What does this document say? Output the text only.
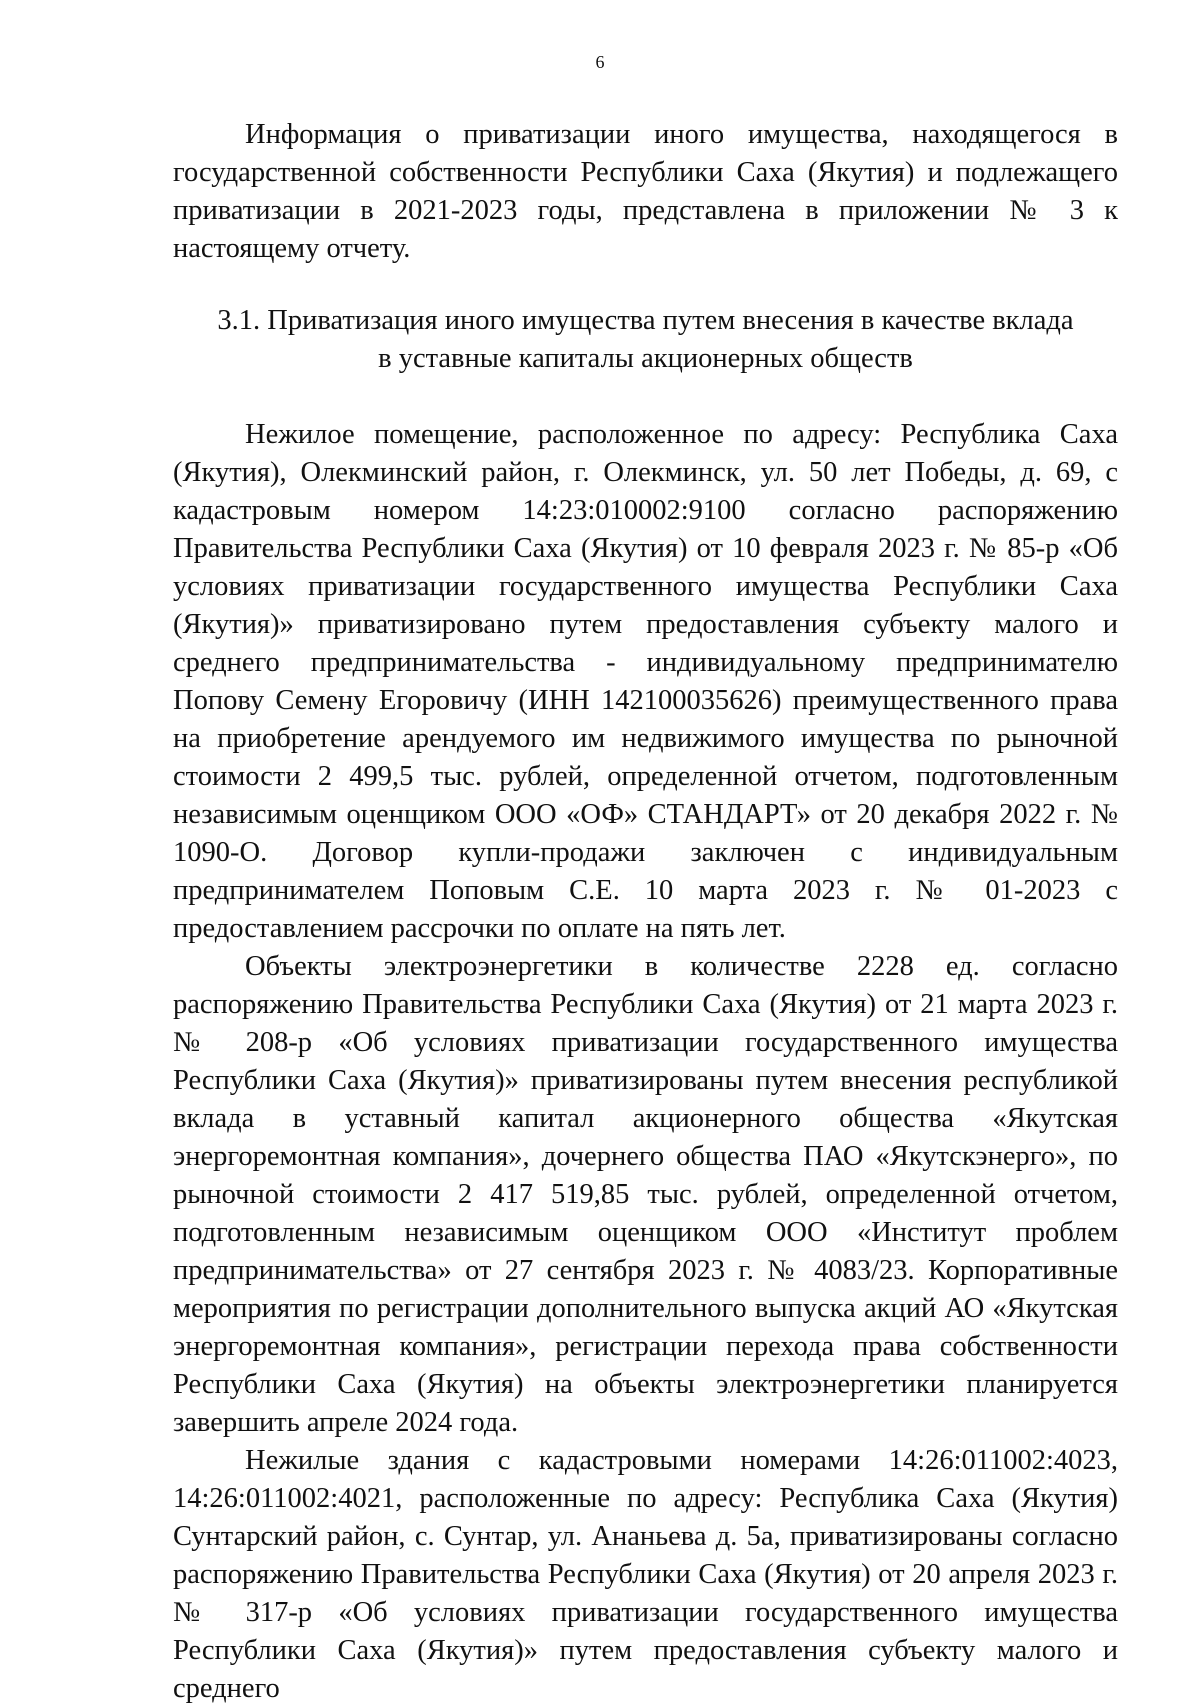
6

Информация о приватизации иного имущества, находящегося в государственной собственности Республики Саха (Якутия) и подлежащего приватизации в 2021-2023 годы, представлена в приложении № 3 к настоящему отчету.

3.1. Приватизация иного имущества путем внесения в качестве вклада
в уставные капиталы акционерных обществ

Нежилое помещение, расположенное по адресу: Республика Саха (Якутия), Олекминский район, г. Олекминск, ул. 50 лет Победы, д. 69, с кадастровым номером 14:23:010002:9100 согласно распоряжению Правительства Республики Саха (Якутия) от 10 февраля 2023 г. № 85-р «Об условиях приватизации государственного имущества Республики Саха (Якутия)» приватизировано путем предоставления субъекту малого и среднего предпринимательства - индивидуальному предпринимателю Попову Семену Егоровичу (ИНН 142100035626) преимущественного права на приобретение арендуемого им недвижимого имущества по рыночной стоимости 2 499,5 тыс. рублей, определенной отчетом, подготовленным независимым оценщиком ООО «ОФ» СТАНДАРТ» от 20 декабря 2022 г. № 1090-О. Договор купли-продажи заключен с индивидуальным предпринимателем Поповым С.Е. 10 марта 2023 г. № 01-2023 с предоставлением рассрочки по оплате на пять лет.

Объекты электроэнергетики в количестве 2228 ед. согласно распоряжению Правительства Республики Саха (Якутия) от 21 марта 2023 г. № 208-р «Об условиях приватизации государственного имущества Республики Саха (Якутия)» приватизированы путем внесения республикой вклада в уставный капитал акционерного общества «Якутская энергоремонтная компания», дочернего общества ПАО «Якутскэнерго», по рыночной стоимости 2 417 519,85 тыс. рублей, определенной отчетом, подготовленным независимым оценщиком ООО «Институт проблем предпринимательства» от 27 сентября 2023 г. № 4083/23. Корпоративные мероприятия по регистрации дополнительного выпуска акций АО «Якутская энергоремонтная компания», регистрации перехода права собственности Республики Саха (Якутия) на объекты электроэнергетики планируется завершить апреле 2024 года.

Нежилые здания с кадастровыми номерами 14:26:011002:4023, 14:26:011002:4021, расположенные по адресу: Республика Саха (Якутия) Сунтарский район, с. Сунтар, ул. Ананьева д. 5а, приватизированы согласно распоряжению Правительства Республики Саха (Якутия) от 20 апреля 2023 г. № 317-р «Об условиях приватизации государственного имущества Республики Саха (Якутия)» путем предоставления субъекту малого и среднего
